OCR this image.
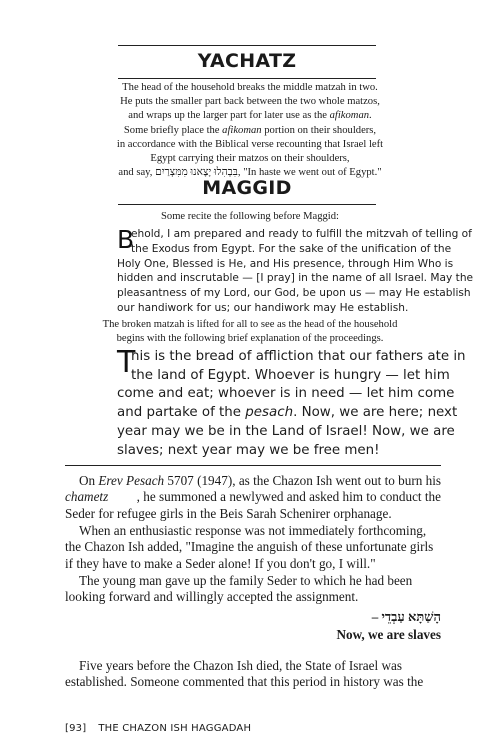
YACHATZ
The head of the household breaks the middle matzah in two.
He puts the smaller part back between the two whole matzos,
and wraps up the larger part for later use as the afikoman.
Some briefly place the afikoman portion on their shoulders,
in accordance with the Biblical verse recounting that Israel left
Egypt carrying their matzos on their shoulders,
and say, בִּבְהִלוּ יָצָאנוּ מִמִּצְרַיִם, "In haste we went out of Egypt."
MAGGID
Some recite the following before Maggid:
B
ehold, I am prepared and ready to fulfill the mitzvah of telling of
the Exodus from Egypt. For the sake of the unification of the
Holy One, Blessed is He, and His presence, through Him Who is
hidden and inscrutable — [I pray] in the name of all Israel. May the
pleasantness of my Lord, our God, be upon us — may He establish
our handiwork for us; our handiwork may He establish.
The broken matzah is lifted for all to see as the head of the household
begins with the following brief explanation of the proceedings.
T
his is the bread of affliction that our fathers ate in
the land of Egypt. Whoever is hungry — let him
come and eat; whoever is in need — let him come
and partake of the pesach . Now, we are here; next
year may we be in the Land of Israel! Now, we are
slaves; next year may we be free men!
On Erev Pesach 5707 (1947), as the Chazon Ish went out to burn his
chametz , he summoned a newlywed and asked him to conduct the
Seder for refugee girls in the Beis Sarah Schenirer orphanage.
When an enthusiastic response was not immediately forthcoming,
the Chazon Ish added, "Imagine the anguish of these unfortunate girls
if they have to make a Seder alone! If you don't go, I will."
The young man gave up the family Seder to which he had been
looking forward and willingly accepted the assignment.
הָשַׁתָּא עַבְדֵי –
Now, we are slaves
Five years before the Chazon Ish died, the State of Israel was
established. Someone commented that this period in history was the
[93] THE CHAZON ISH HAGGADAH
